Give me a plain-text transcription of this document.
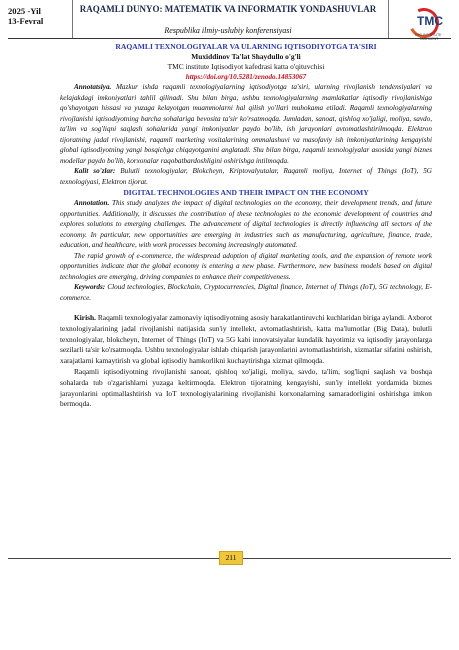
2025 -Yil
13-Fevral
RAQAMLI DUNYO: MATEMATIK VA INFORMATIK YONDASHUVLAR
Respublika ilmiy-uslubiy konferensiyasi
TMC
TMC INSTITUTE · TASHKENT
RAQAMLI TEXNOLOGIYALAR VA ULARNING IQTISODIYOTGA TA'SIRI
Muxiddinov Ta'lat Shaydullo o'g'li
TMC institute Iqtisodiyot kafedrasi katta o'qituvchisi
https://doi.org/10.5281/zenodo.14853067

Annotatsiya. Mazkur ishda raqamli texnologiyalarning iqtisodiyotga ta'siri, ularning rivojlanish tendensiyalari va kelajakdagi imkoniyatlari tahlil qilinadi. Shu bilan birga, ushbu texnologiyalarning mamlakatlar iqtisodiy rivojlanishiga qo'shayotgan hissasi va yuzaga kelayotgan muammolarni hal qilish yo'llari muhokama etiladi. Raqamli texnologiyalarning rivojlanishi iqtisodiyotning barcha sohalariga bevosita ta'sir ko'rsatmoqda. Jumladan, sanoat, qishloq xo'jaligi, moliya, savdo, ta'lim va sog'liqni saqlash sohalarida yangi imkoniyatlar paydo bo'lib, ish jarayonlari avtomatlashtirilmoqda. Elektron tijoratning jadal rivojlanishi, raqamli marketing vositalarining ommalashuvi va masofaviy ish imkoniyatlarining kengayishi global iqtisodiyotning yangi bosqichga chiqayotganini anglatadi. Shu bilan birga, raqamli texnologiyalar asosida yangi biznes modellar paydo bo'lib, korxonalar raqobatbardoshligini oshirishga intilmoqda.

Kalit so'zlar: Bulutli texnologiyalar, Blokcheyn, Kriptovalyutalar, Raqamli moliya, Internet of Things (IoT), 5G texnologiyasi, Elektron tijorat.

DIGITAL TECHNOLOGIES AND THEIR IMPACT ON THE ECONOMY

Annotation. This study analyzes the impact of digital technologies on the economy, their development trends, and future opportunities. Additionally, it discusses the contribution of these technologies to the economic development of countries and explores solutions to emerging challenges. The advancement of digital technologies is directly influencing all sectors of the economy. In particular, new opportunities are emerging in industries such as manufacturing, agriculture, finance, trade, education, and healthcare, with work processes becoming increasingly automated.

The rapid growth of e-commerce, the widespread adoption of digital marketing tools, and the expansion of remote work opportunities indicate that the global economy is entering a new phase. Furthermore, new business models based on digital technologies are emerging, driving companies to enhance their competitiveness.

Keywords: Cloud technologies, Blockchain, Cryptocurrencies, Digital finance, Internet of Things (IoT), 5G technology, E-commerce.

Kirish. Raqamli texnologiyalar zamonaviy iqtisodiyotning asosiy harakatlantiruvchi kuchlaridan biriga aylandi. Axborot texnologiyalarining jadal rivojlanishi natijasida sun'iy intellekt, avtomatlashtirish, katta ma'lumotlar (Big Data), bulutli texnologiyalar, blokcheyn, Internet of Things (IoT) va 5G kabi innovatsiyalar kundalik hayotimiz va iqtisodiy jarayonlarga sezilarli ta'sir ko'rsatmoqda. Ushbu texnologiyalar ishlab chiqarish jarayonlarini avtomatlashtirish, xizmatlar sifatini oshirish, xarajatlarni kamaytirish va global iqtisodiy hamkorlikni kuchaytirishga xizmat qilmoqda.

Raqamli iqtisodiyotning rivojlanishi sanoat, qishloq xo'jaligi, moliya, savdo, ta'lim, sog'liqni saqlash va boshqa sohalarda tub o'zgarishlarni yuzaga keltirmoqda. Elektron tijoratning kengayishi, sun'iy intellekt yordamida biznes jarayonlarini optimallashtirish va IoT texnologiyalarining rivojlanishi korxonalarning samaradorligini oshirishga imkon bermoqda.

211
